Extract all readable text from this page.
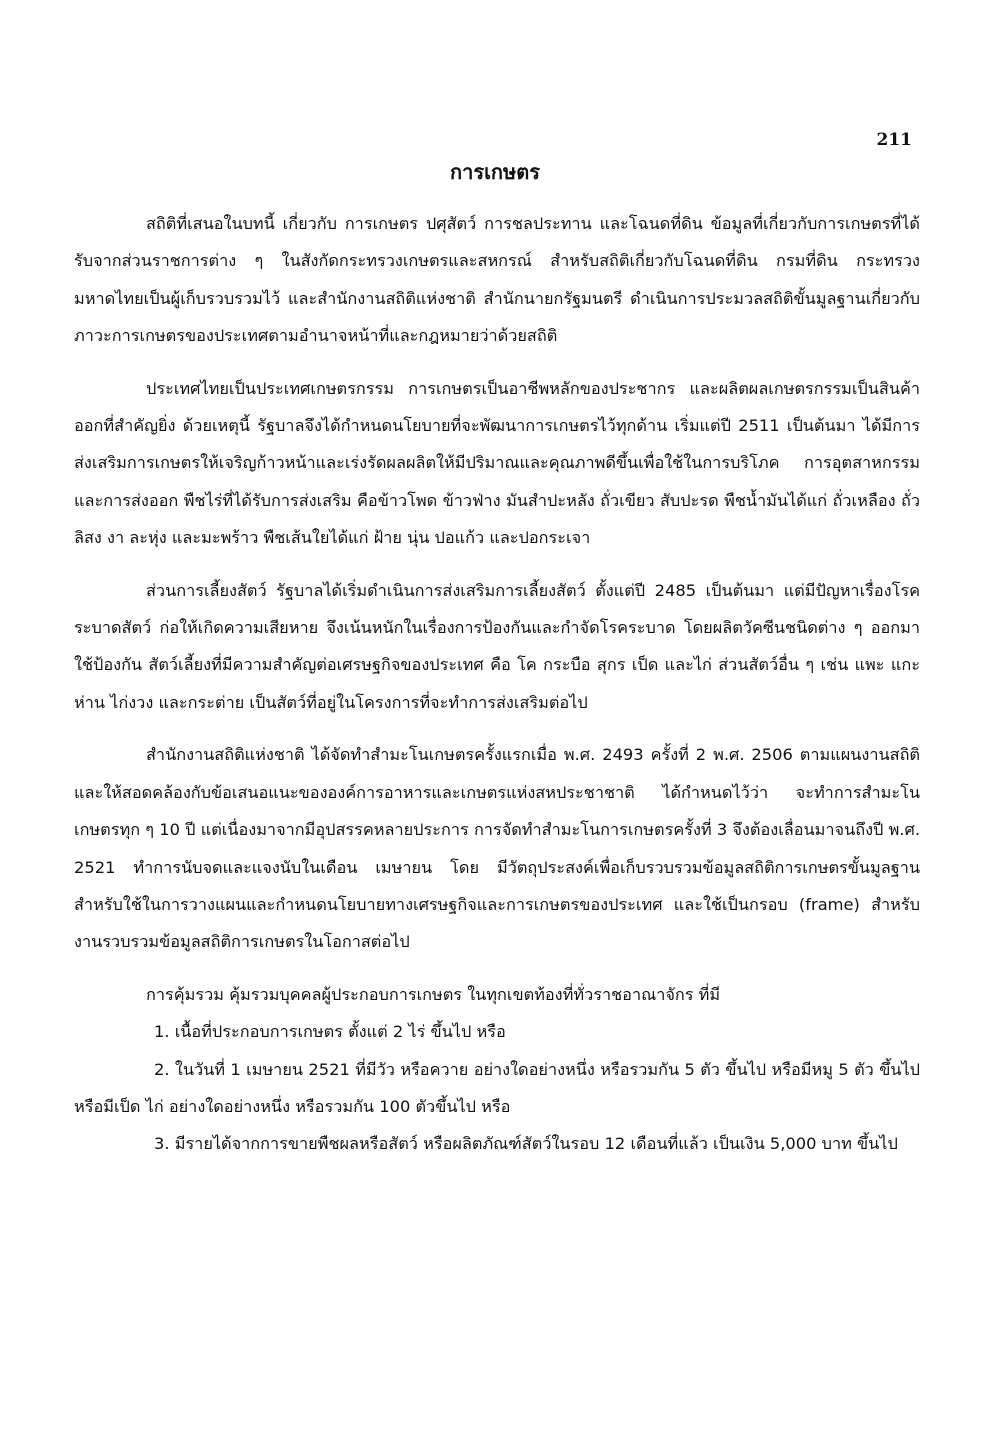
211
การเกษตร

สถิติที่เสนอในบทนี้ เกี่ยวกับ การเกษตร ปศุสัตว์ การชลประทาน และโฉนดที่ดิน ข้อมูลที่เกี่ยวกับการเกษตรที่ได้รับจากส่วนราชการต่าง ๆ ในสังกัดกระทรวงเกษตรและสหกรณ์ สำหรับสถิติเกี่ยวกับโฉนดที่ดิน กรมที่ดิน กระทรวงมหาดไทยเป็นผู้เก็บรวบรวมไว้ และสำนักงานสถิติแห่งชาติ สำนักนายกรัฐมนตรี ดำเนินการประมวลสถิติขั้นมูลฐานเกี่ยวกับภาวะการเกษตรของประเทศตามอำนาจหน้าที่และกฎหมายว่าด้วยสถิติ

ประเทศไทยเป็นประเทศเกษตรกรรม การเกษตรเป็นอาชีพหลักของประชากร และผลิตผลเกษตรกรรมเป็นสินค้าออกที่สำคัญยิ่ง ด้วยเหตุนี้ รัฐบาลจึงได้กำหนดนโยบายที่จะพัฒนาการเกษตรไว้ทุกด้าน เริ่มแต่ปี 2511 เป็นต้นมา ได้มีการส่งเสริมการเกษตรให้เจริญก้าวหน้าและเร่งรัดผลผลิตให้มีปริมาณและคุณภาพดีขึ้นเพื่อใช้ในการบริโภค การอุตสาหกรรม และการส่งออก พืชไร่ที่ได้รับการส่งเสริม คือข้าวโพด ข้าวฟ่าง มันสำปะหลัง ถั่วเขียว สับปะรด พืชน้ำมันได้แก่ ถั่วเหลือง ถั่วลิสง งา ละหุ่ง และมะพร้าว พืชเส้นใยได้แก่ ฝ้าย นุ่น ปอแก้ว และปอกระเจา

ส่วนการเลี้ยงสัตว์ รัฐบาลได้เริ่มดำเนินการส่งเสริมการเลี้ยงสัตว์ ตั้งแต่ปี 2485 เป็นต้นมา แต่มีปัญหาเรื่องโรคระบาดสัตว์ ก่อให้เกิดความเสียหาย จึงเน้นหนักในเรื่องการป้องกันและกำจัดโรคระบาด โดยผลิตวัคซีนชนิดต่าง ๆ ออกมาใช้ป้องกัน สัตว์เลี้ยงที่มีความสำคัญต่อเศรษฐกิจของประเทศ คือ โค กระบือ สุกร เป็ด และไก่ ส่วนสัตว์อื่น ๆ เช่น แพะ แกะ ห่าน ไก่งวง และกระต่าย เป็นสัตว์ที่อยู่ในโครงการที่จะทำการส่งเสริมต่อไป

สำนักงานสถิติแห่งชาติ ได้จัดทำสำมะโนเกษตรครั้งแรกเมื่อ พ.ศ. 2493 ครั้งที่ 2 พ.ศ. 2506 ตามแผนงานสถิติและให้สอดคล้องกับข้อเสนอแนะขององค์การอาหารและเกษตรแห่งสหประชาชาติ ได้กำหนดไว้ว่า จะทำการสำมะโนเกษตรทุก ๆ 10 ปี แต่เนื่องมาจากมีอุปสรรคหลายประการ การจัดทำสำมะโนการเกษตรครั้งที่ 3 จึงต้องเลื่อนมาจนถึงปี พ.ศ. 2521 ทำการนับจดและแจงนับในเดือน เมษายน โดย มีวัตถุประสงค์เพื่อเก็บรวบรวมข้อมูลสถิติการเกษตรขั้นมูลฐาน สำหรับใช้ในการวางแผนและกำหนดนโยบายทางเศรษฐกิจและการเกษตรของประเทศ และใช้เป็นกรอบ (frame) สำหรับงานรวบรวมข้อมูลสถิติการเกษตรในโอกาสต่อไป

การคุ้มรวม คุ้มรวมบุคคลผู้ประกอบการเกษตร ในทุกเขตท้องที่ทั่วราชอาณาจักร ที่มี

1. เนื้อที่ประกอบการเกษตร ตั้งแต่ 2 ไร่ ขึ้นไป หรือ

2. ในวันที่ 1 เมษายน 2521 ที่มีวัว หรือควาย อย่างใดอย่างหนึ่ง หรือรวมกัน 5 ตัว ขึ้นไป หรือมีหมู 5 ตัว ขึ้นไป หรือมีเป็ด ไก่ อย่างใดอย่างหนึ่ง หรือรวมกัน 100 ตัวขึ้นไป หรือ

3. มีรายได้จากการขายพืชผลหรือสัตว์ หรือผลิตภัณฑ์สัตว์ในรอบ 12 เดือนที่แล้ว เป็นเงิน 5,000 บาท ขึ้นไป
